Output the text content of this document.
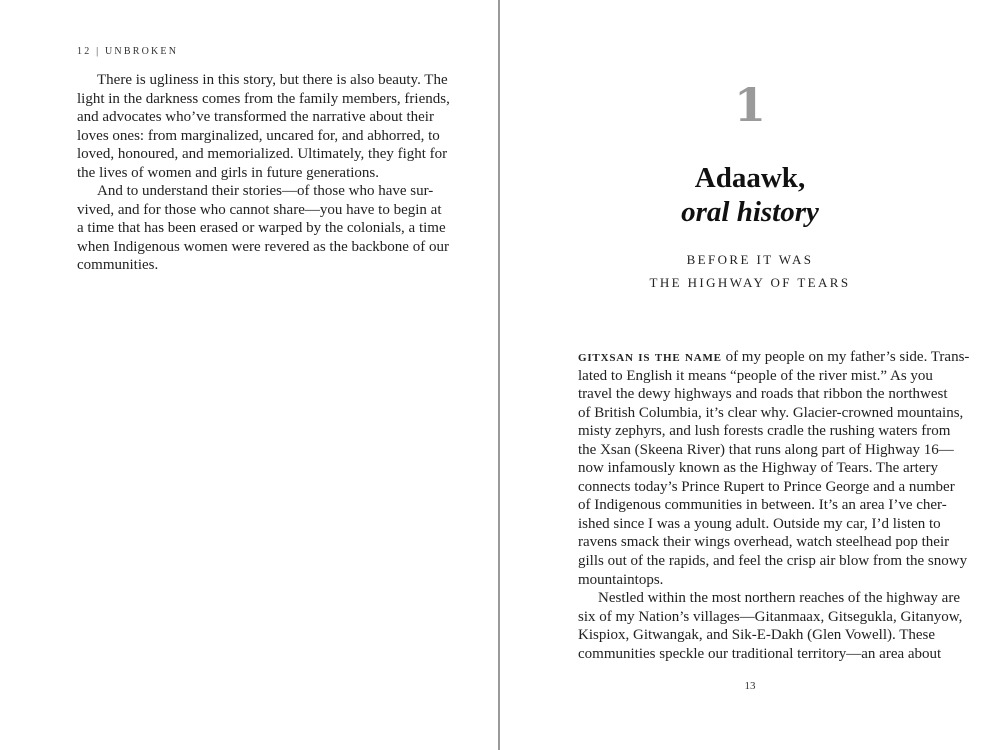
12 | UNBROKEN
There is ugliness in this story, but there is also beauty. The
light in the darkness comes from the family members, friends,
and advocates who’ve transformed the narrative about their
loves ones: from marginalized, uncared for, and abhorred, to
loved, honoured, and memorialized. Ultimately, they fight for
the lives of women and girls in future generations.
And to understand their stories—of those who have sur-
vived, and for those who cannot share—you have to begin at
a time that has been erased or warped by the colonials, a time
when Indigenous women were revered as the backbone of our
communities.
1
Adaawk,
oral history
BEFORE IT WAS
THE HIGHWAY OF TEARS
gitxsan is the name of my people on my father’s side. Trans-
lated to English it means “people of the river mist.” As you
travel the dewy highways and roads that ribbon the northwest
of British Columbia, it’s clear why. Glacier-crowned mountains,
misty zephyrs, and lush forests cradle the rushing waters from
the Xsan (Skeena River) that runs along part of Highway 16—
now infamously known as the Highway of Tears. The artery
connects today’s Prince Rupert to Prince George and a number
of Indigenous communities in between. It’s an area I’ve cher-
ished since I was a young adult. Outside my car, I’d listen to
ravens smack their wings overhead, watch steelhead pop their
gills out of the rapids, and feel the crisp air blow from the snowy
mountaintops.
Nestled within the most northern reaches of the highway are
six of my Nation’s villages—Gitanmaax, Gitsegukla, Gitanyow,
Kispiox, Gitwangak, and Sik-E-Dakh (Glen Vowell). These
communities speckle our traditional territory—an area about
13
